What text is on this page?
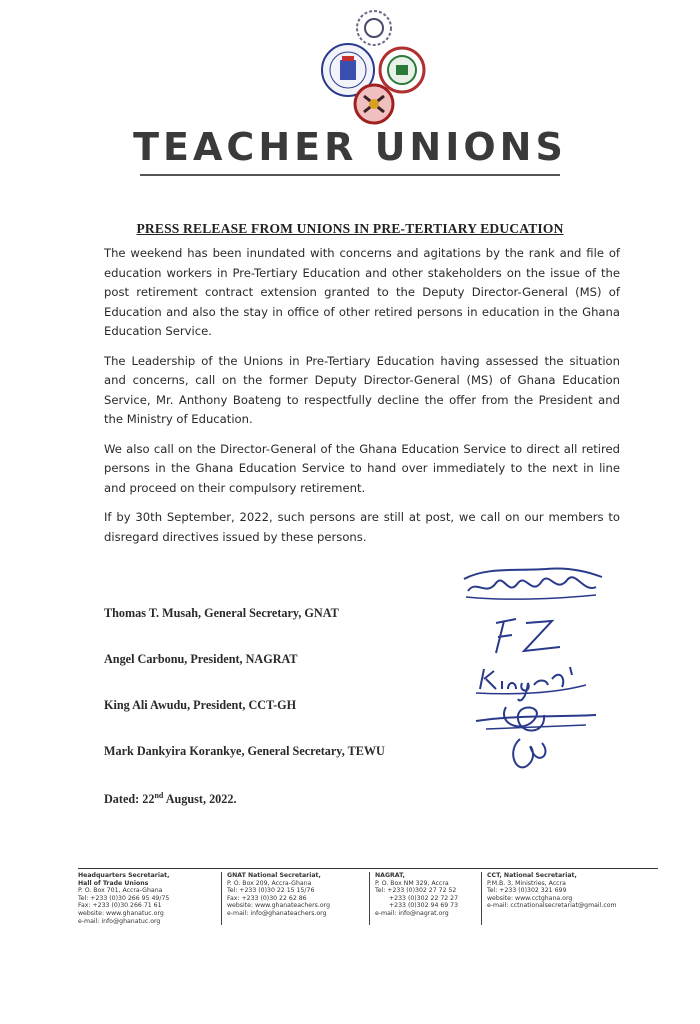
TEACHER UNIONS
PRESS RELEASE FROM UNIONS IN PRE-TERTIARY EDUCATION

The weekend has been inundated with concerns and agitations by the rank and file of education workers in Pre-Tertiary Education and other stakeholders on the issue of the post retirement contract extension granted to the Deputy Director-General (MS) of Education and also the stay in office of other retired persons in education in the Ghana Education Service.

The Leadership of the Unions in Pre-Tertiary Education having assessed the situation and concerns, call on the former Deputy Director-General (MS) of Ghana Education Service, Mr. Anthony Boateng to respectfully decline the offer from the President and the Ministry of Education.

We also call on the Director-General of the Ghana Education Service to direct all retired persons in the Ghana Education Service to hand over immediately to the next in line and proceed on their compulsory retirement.

If by 30th September, 2022, such persons are still at post, we call on our members to disregard directives issued by these persons.

Thomas T. Musah, General Secretary, GNAT
Angel Carbonu, President, NAGRAT
King Ali Awudu, President, CCT-GH
Mark Dankyira Korankye, General Secretary, TEWU
Dated: 22nd August, 2022.
Headquarters Secretariat,
Hall of Trade Unions
P. O. Box 701, Accra-Ghana
Tel: +233 (0)30 266 95 49/75
Fax: +233 (0)30 266 71 61
website: www.ghanatuc.org
e-mail: info@ghanatuc.org
GNAT National Secretariat,
P. O. Box 209, Accra-Ghana
Tel: +233 (0)30 22 15 15/76
Fax: +233 (0)30 22 62 86
website: www.ghanateachers.org
e-mail: info@ghanateachers.org
NAGRAT,
P. O. Box NM 329, Accra
Tel: +233 (0)302 27 72 52
+233 (0)302 22 72 27
+233 (0)302 94 69 73
e-mail: info@nagrat.org
CCT, National Secretariat,
P.M.B. 3, Ministries, Accra
Tel: +233 (0)302 321 699
website: www.cctghana.org
e-mail: cctnationalsecretariat@gmail.com
